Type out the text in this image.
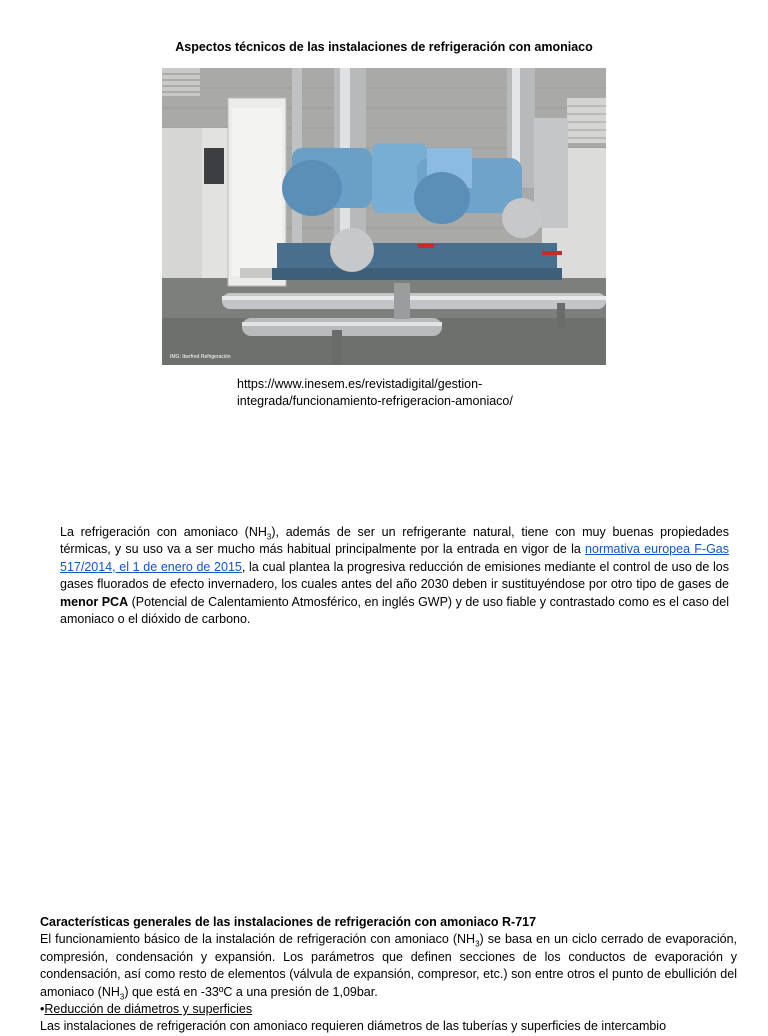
Aspectos técnicos de las instalaciones de refrigeración con amoniaco
IMG: Iberfred Refrigeración
https://www.inesem.es/revistadigital/gestion-
integrada/funcionamiento-refrigeracion-amoniaco/
La refrigeración con amoniaco $(NH_3)$, además de ser un refrigerante natural, tiene con muy buenas propiedades térmicas, y su uso va a ser mucho más habitual principalmente por la entrada en vigor de la normativa europea F-Gas 517/2014, el 1 de enero de 2015, la cual plantea la progresiva reducción de emisiones mediante el control de uso de los gases fluorados de efecto invernadero, los cuales antes del año 2030 deben ir sustituyéndose por otro tipo de gases de menor PCA (Potencial de Calentamiento Atmosférico, en inglés GWP) y de uso fiable y contrastado como es el caso del amoniaco o el dióxido de carbono.
Características generales de las instalaciones de refrigeración con amoniaco R-717
El funcionamiento básico de la instalación de refrigeración con amoniaco $(NH_3)$ se basa en un ciclo cerrado de evaporación, compresión, condensación y expansión. Los parámetros que definen secciones de los conductos de evaporación y condensación, así como resto de elementos (válvula de expansión, compresor, etc.) son entre otros el punto de ebullición del amoniaco $(NH_3)$ que está en -33ºC a una presión de 1,09bar.
•Reducción de diámetros y superficies
Las instalaciones de refrigeración con amoniaco requieren diámetros de las tuberías y superficies de intercambio
